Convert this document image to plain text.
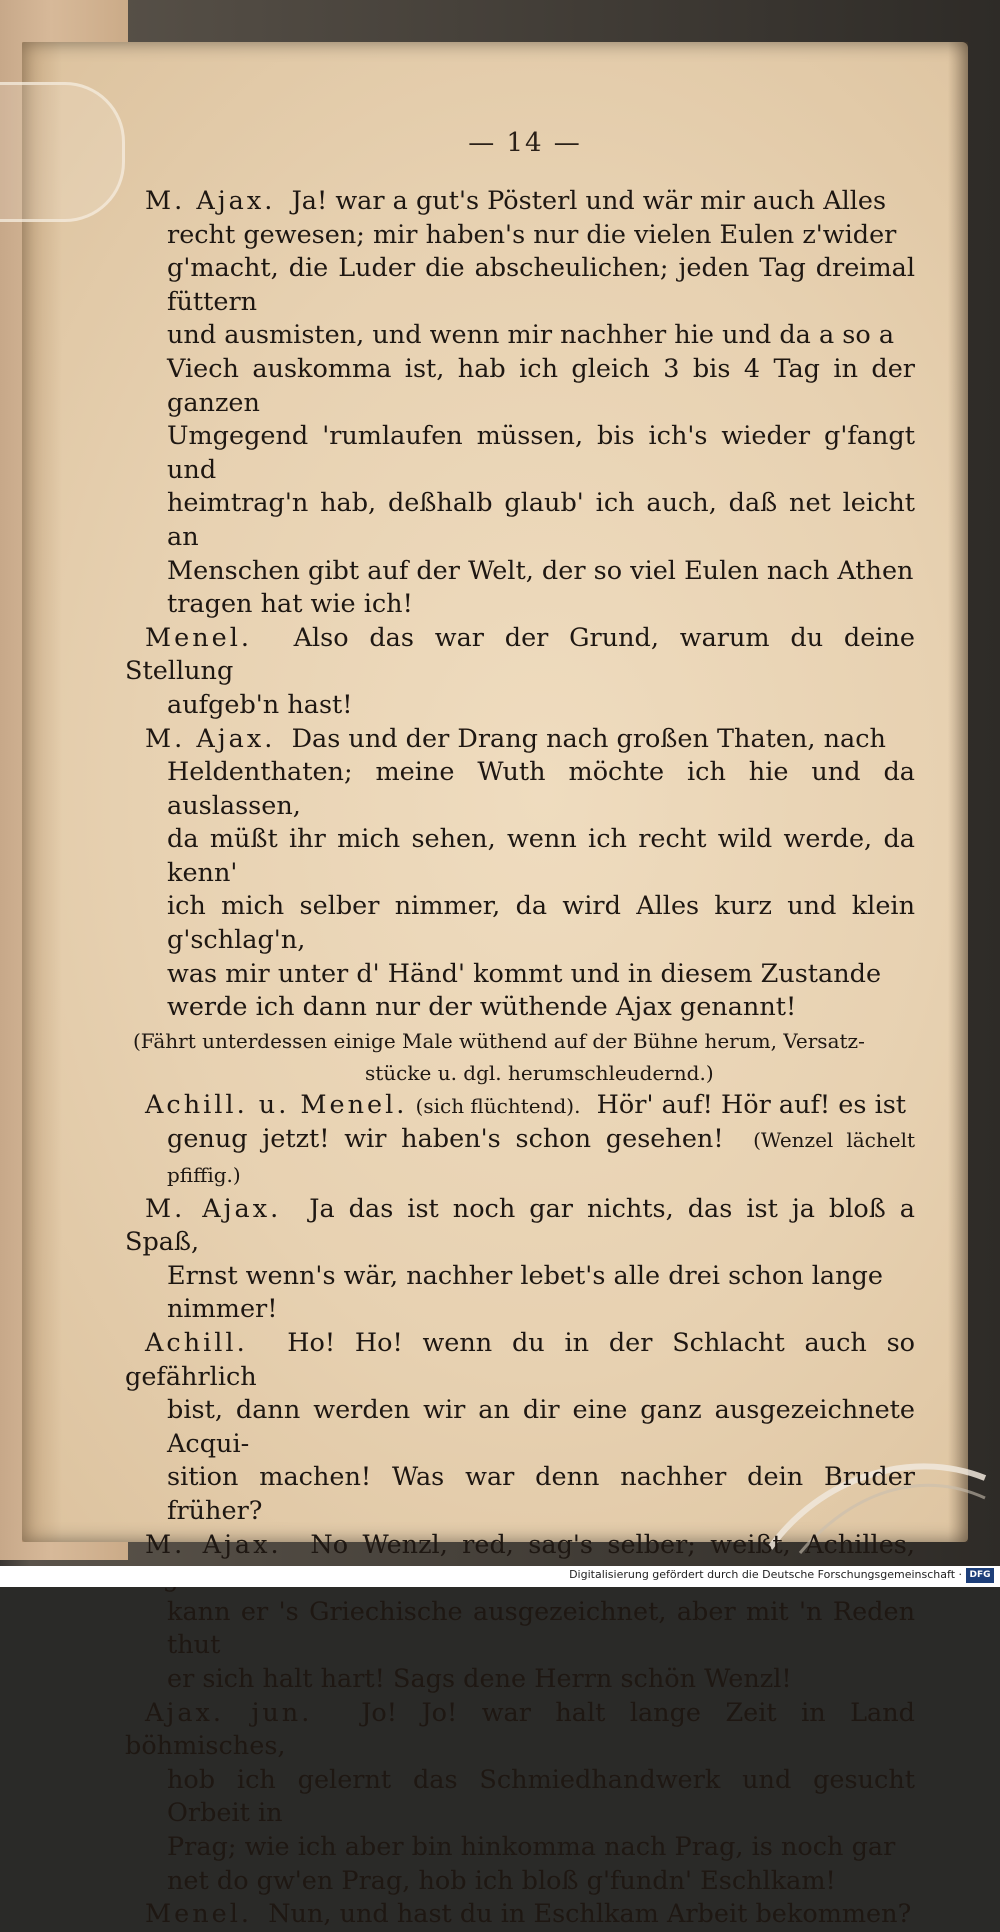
— 14 —

M. Ajax. Ja! war a gut's Pösterl und wär mir auch Alles
recht gewesen; mir haben's nur die vielen Eulen z'wider
g'macht, die Luder die abscheulichen; jeden Tag dreimal füttern
und ausmisten, und wenn mir nachher hie und da a so a
Viech auskomma ist, hab ich gleich 3 bis 4 Tag in der ganzen
Umgegend 'rumlaufen müssen, bis ich's wieder g'fangt und
heimtrag'n hab, deßhalb glaub' ich auch, daß net leicht an
Menschen gibt auf der Welt, der so viel Eulen nach Athen
tragen hat wie ich!

Menel. Also das war der Grund, warum du deine Stellung
aufgeb'n hast!

M. Ajax. Das und der Drang nach großen Thaten, nach
Heldenthaten; meine Wuth möchte ich hie und da auslassen,
da müßt ihr mich sehen, wenn ich recht wild werde, da kenn'
ich mich selber nimmer, da wird Alles kurz und klein g'schlag'n,
was mir unter d' Händ' kommt und in diesem Zustande
werde ich dann nur der wüthende Ajax genannt!

(Fährt unterdessen einige Male wüthend auf der Bühne herum, Versatz-
stücke u. dgl. herumschleudernd.)

Achill. u. Menel. (sich flüchtend). Hör' auf! Hör auf! es ist
genug jetzt! wir haben's schon gesehen! (Wenzel lächelt pfiffig.)

M. Ajax. Ja das ist noch gar nichts, das ist ja bloß a Spaß,
Ernst wenn's wär, nachher lebet's alle drei schon lange
nimmer!

Achill. Ho! Ho! wenn du in der Schlacht auch so gefährlich
bist, dann werden wir an dir eine ganz ausgezeichnete Acqui-
sition machen! Was war denn nachher dein Bruder früher?

M. Ajax. No Wenzl, red, sag's selber; weißt, Achilles,
kann er 's Griechische ausgezeichnet, aber mit 'n Reden thut
er sich halt hart! Sags dene Herrn schön Wenzl!

Ajax. jun. Jo! Jo! war halt lange Zeit in Land böhmisches,
hob ich gelernt das Schmiedhandwerk und gesucht Orbeit in
Prag; wie ich aber bin hinkomma nach Prag, is noch gar
net do gw'en Prag, hob ich bloß g'fundn' Eschlkam!

Menel. Nun, und hast du in Eschlkam Arbeit bekommen?

Digitalisierung gefördert durch die Deutsche Forschungsgemeinschaft · DFG
